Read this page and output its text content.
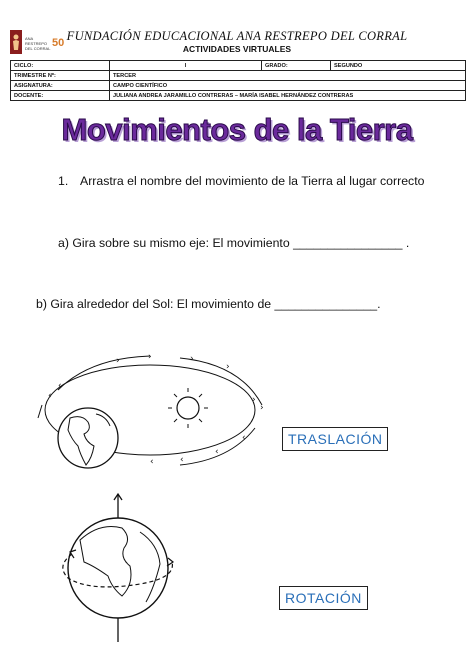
ANA
RESTREPO
DEL CORRAL 50 FUNDACIÓN EDUCACIONAL ANA RESTREPO DEL CORRAL
ACTIVIDADES VIRTUALES
CICLO:	I	GRADO:	SEGUNDO
TRIMESTRE Nº:	TERCER		
ASIGNATURA:	CAMPO CIENTÍFICO		
DOCENTE:	JULIANA ANDREA JARAMILLO CONTRERAS – MARÍA ISABEL HERNÁNDEZ CONTRERAS		
Movimientos de la Tierra
1. Arrastra el nombre del movimiento de la Tierra al lugar correcto
a) Gira sobre su mismo eje: El movimiento ________________ .
b) Gira alrededor del Sol: El movimiento de _______________.
›	›	›
›
‹
‹	›
›
‹	‹
‹
‹	TRASLACIÓN
ROTACIÓN
